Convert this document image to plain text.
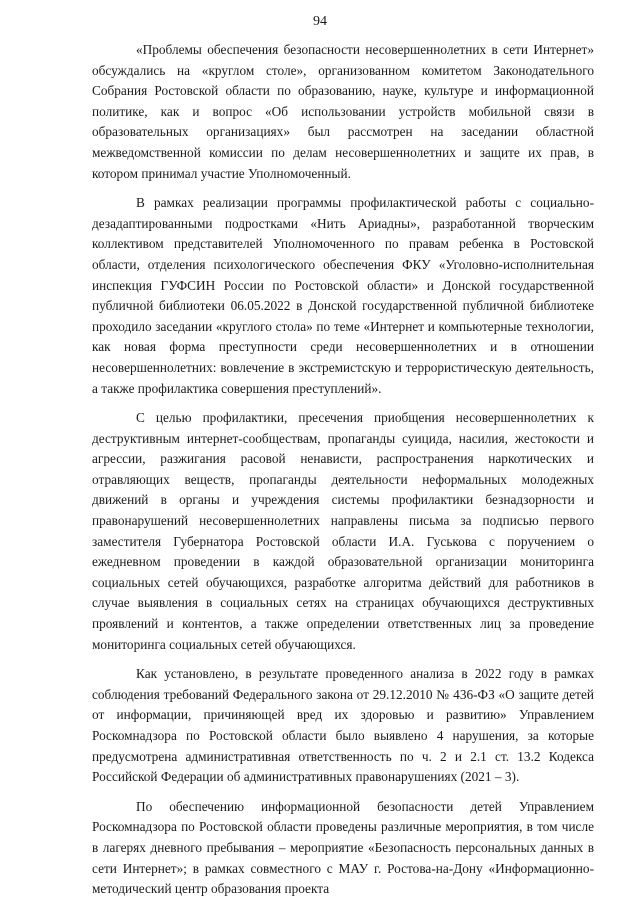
94

«Проблемы обеспечения безопасности несовершеннолетних в сети Интернет» обсуждались на «круглом столе», организованном комитетом Законодательного Собрания Ростовской области по образованию, науке, культуре и информационной политике, как и вопрос «Об использовании устройств мобильной связи в образовательных организациях» был рассмотрен на заседании областной межведомственной комиссии по делам несовершеннолетних и защите их прав, в котором принимал участие Уполномоченный.

В рамках реализации программы профилактической работы с социально-дезадаптированными подростками «Нить Ариадны», разработанной творческим коллективом представителей Уполномоченного по правам ребенка в Ростовской области, отделения психологического обеспечения ФКУ «Уголовно-исполнительная инспекция ГУФСИН России по Ростовской области» и Донской государственной публичной библиотеки 06.05.2022 в Донской государственной публичной библиотеке проходило заседании «круглого стола» по теме «Интернет и компьютерные технологии, как новая форма преступности среди несовершеннолетних и в отношении несовершеннолетних: вовлечение в экстремистскую и террористическую деятельность, а также профилактика совершения преступлений».

С целью профилактики, пресечения приобщения несовершеннолетних к деструктивным интернет-сообществам, пропаганды суицида, насилия, жестокости и агрессии, разжигания расовой ненависти, распространения наркотических и отравляющих веществ, пропаганды деятельности неформальных молодежных движений в органы и учреждения системы профилактики безнадзорности и правонарушений несовершеннолетних направлены письма за подписью первого заместителя Губернатора Ростовской области И.А. Гуськова с поручением о ежедневном проведении в каждой образовательной организации мониторинга социальных сетей обучающихся, разработке алгоритма действий для работников в случае выявления в социальных сетях на страницах обучающихся деструктивных проявлений и контентов, а также определении ответственных лиц за проведение мониторинга социальных сетей обучающихся.

Как установлено, в результате проведенного анализа в 2022 году в рамках соблюдения требований Федерального закона от 29.12.2010 № 436-ФЗ «О защите детей от информации, причиняющей вред их здоровью и развитию» Управлением Роскомнадзора по Ростовской области было выявлено 4 нарушения, за которые предусмотрена административная ответственность по ч. 2 и 2.1 ст. 13.2 Кодекса Российской Федерации об административных правонарушениях (2021 – 3).

По обеспечению информационной безопасности детей Управлением Роскомнадзора по Ростовской области проведены различные мероприятия, в том числе в лагерях дневного пребывания – мероприятие «Безопасность персональных данных в сети Интернет»; в рамках совместного с МАУ г. Ростова-на-Дону «Информационно-методический центр образования проекта
